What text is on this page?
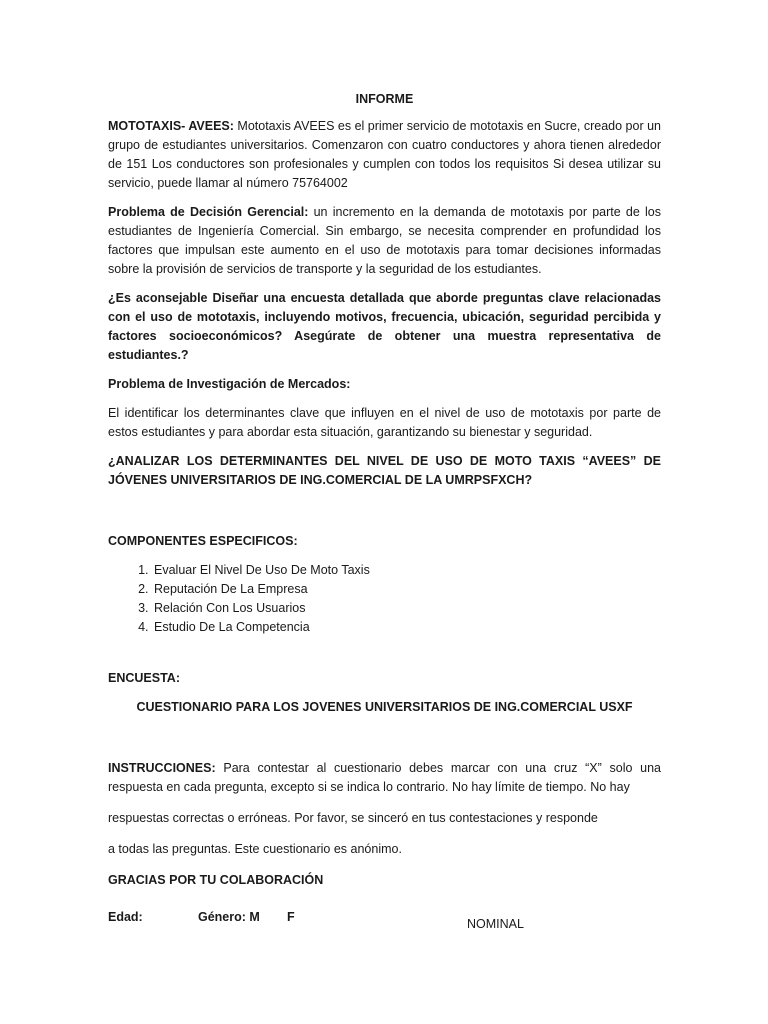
INFORME

MOTOTAXIS- AVEES: Mototaxis AVEES es el primer servicio de mototaxis en Sucre, creado por un grupo de estudiantes universitarios. Comenzaron con cuatro conductores y ahora tienen alrededor de 151 Los conductores son profesionales y cumplen con todos los requisitos Si desea utilizar su servicio, puede llamar al número 75764002

Problema de Decisión Gerencial: un incremento en la demanda de mototaxis por parte de los estudiantes de Ingeniería Comercial. Sin embargo, se necesita comprender en profundidad los factores que impulsan este aumento en el uso de mototaxis para tomar decisiones informadas sobre la provisión de servicios de transporte y la seguridad de los estudiantes.

¿Es aconsejable Diseñar una encuesta detallada que aborde preguntas clave relacionadas con el uso de mototaxis, incluyendo motivos, frecuencia, ubicación, seguridad percibida y factores socioeconómicos? Asegúrate de obtener una muestra representativa de estudiantes.?

Problema de Investigación de Mercados:

El identificar los determinantes clave que influyen en el nivel de uso de mototaxis por parte de estos estudiantes y para abordar esta situación, garantizando su bienestar y seguridad.

¿ANALIZAR LOS DETERMINANTES DEL NIVEL DE USO DE MOTO TAXIS “AVEES” DE JÓVENES UNIVERSITARIOS DE ING.COMERCIAL DE LA UMRPSFXCH?

COMPONENTES ESPECIFICOS:

1. Evaluar El Nivel De Uso De Moto Taxis
2. Reputación De La Empresa
3. Relación Con Los Usuarios
4. Estudio De La Competencia

ENCUESTA:

CUESTIONARIO PARA LOS JOVENES UNIVERSITARIOS DE ING.COMERCIAL USXF

INSTRUCCIONES: Para contestar al cuestionario debes marcar con una cruz “X” solo una respuesta en cada pregunta, excepto si se indica lo contrario. No hay límite de tiempo. No hay

respuestas correctas o erróneas. Por favor, se sinceró en tus contestaciones y responde

a todas las preguntas. Este cuestionario es anónimo.

GRACIAS POR TU COLABORACIÓN

Edad:	Género: M F	NOMINAL
